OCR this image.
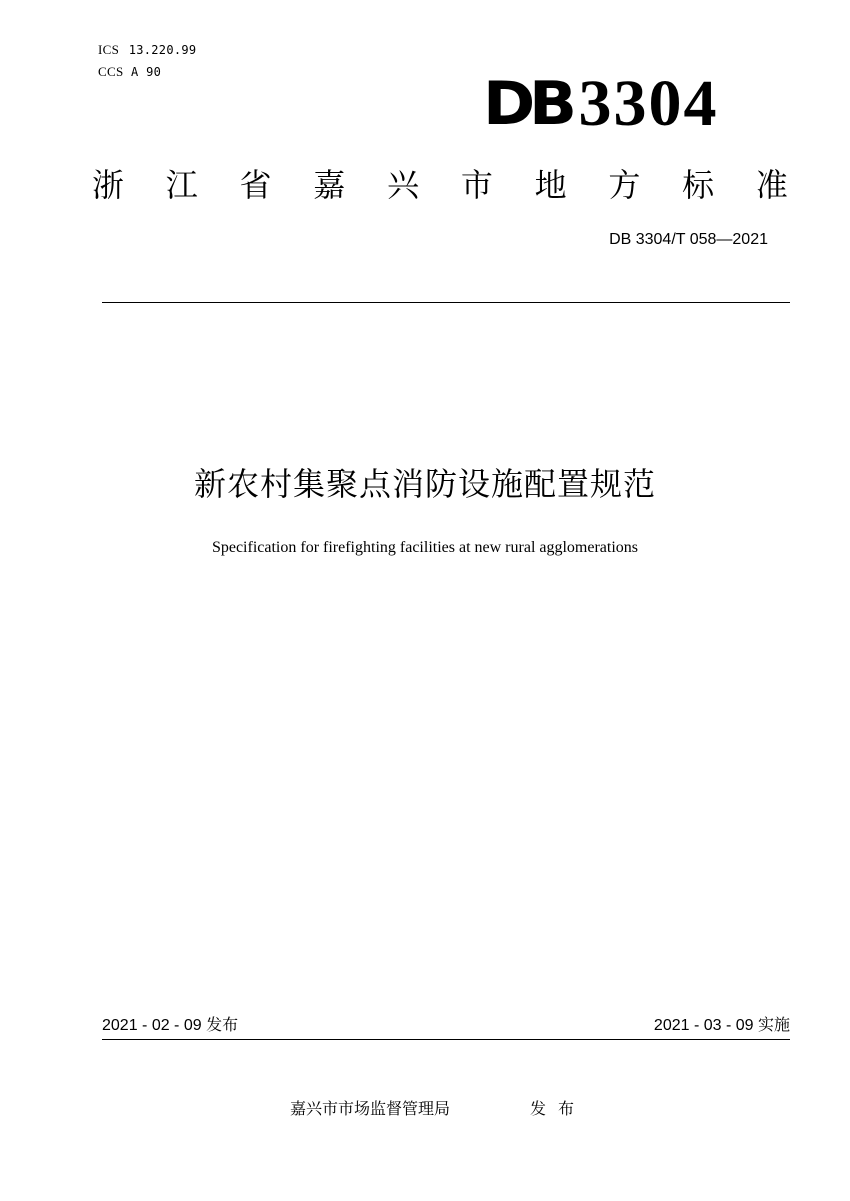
ICS 13.220.99
CCS A 90	DB 3304
浙 江 省 嘉 兴 市 地 方 标 准
DB 3304/T 058—2021
新农村集聚点消防设施配置规范
Specification for firefighting facilities at new rural agglomerations
2021 - 02 - 09 发布	2021 - 03 - 09 实施
嘉兴市市场监督管理局	发布
